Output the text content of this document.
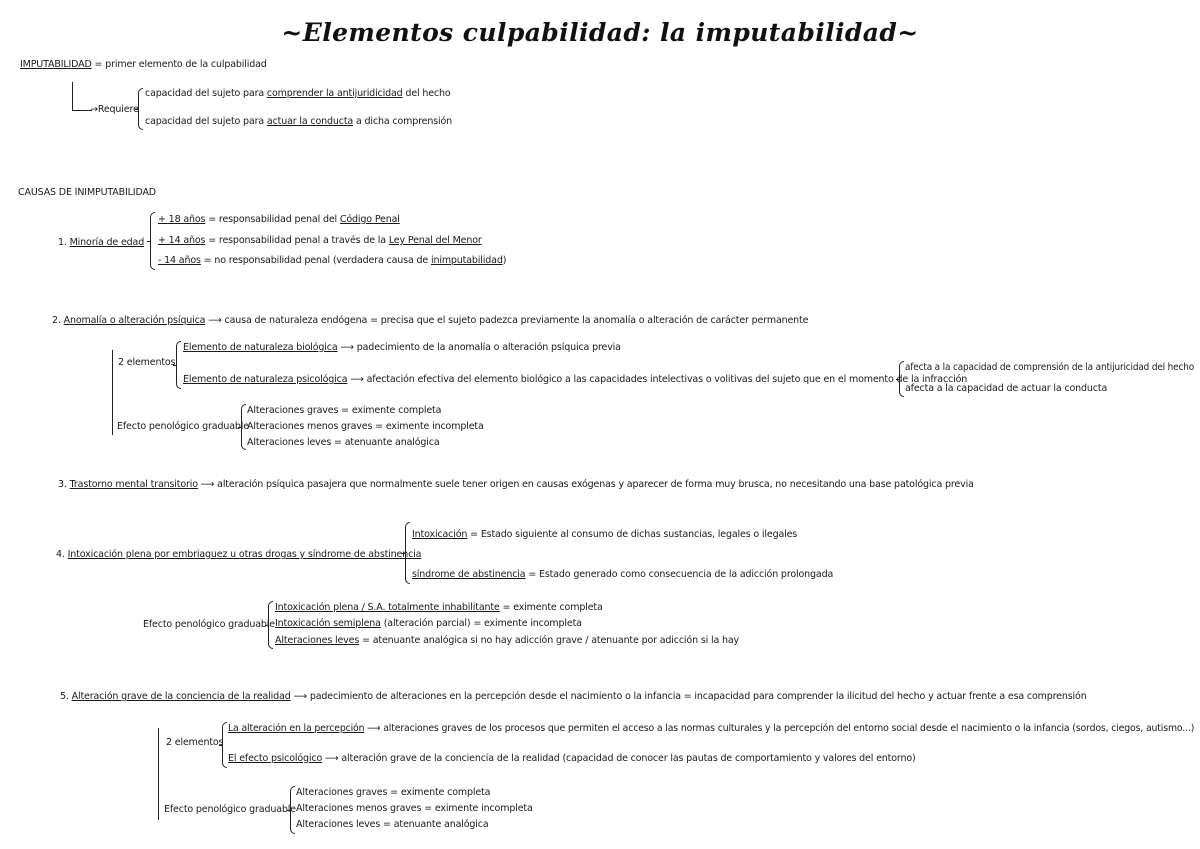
~Elementos culpabilidad: la imputabilidad~
IMPUTABILIDAD = primer elemento de la culpabilidad
→Requiere
capacidad del sujeto para comprender la antijuridicidad del hecho
capacidad del sujeto para actuar la conducta a dicha comprensión
CAUSAS DE INIMPUTABILIDAD
1. Minoría de edad
+ 18 años = responsabilidad penal del Código Penal
+ 14 años = responsabilidad penal a través de la Ley Penal del Menor
- 14 años = no responsabilidad penal (verdadera causa de inimputabilidad)
2. Anomalía o alteración psíquica ⟶ causa de naturaleza endógena = precisa que el sujeto padezca previamente la anomalía o alteración de carácter permanente
2 elementos
Elemento de naturaleza biológica ⟶ padecimiento de la anomalía o alteración psíquica previa
Elemento de naturaleza psicológica ⟶ afectación efectiva del elemento biológico a las capacidades intelectivas o volitivas del sujeto que en el momento de la infracción
afecta a la capacidad de comprensión de la antijuricidad del hecho
afecta a la capacidad de actuar la conducta
Efecto penológico graduable
Alteraciones graves = eximente completa
Alteraciones menos graves = eximente incompleta
Alteraciones leves = atenuante analógica
3. Trastorno mental transitorio ⟶ alteración psíquica pasajera que normalmente suele tener origen en causas exógenas y aparecer de forma muy brusca, no necesitando una base patológica previa
4. Intoxicación plena por embriaguez u otras drogas y síndrome de abstinencia
Intoxicación = Estado siguiente al consumo de dichas sustancias, legales o ilegales
síndrome de abstinencia = Estado generado como consecuencia de la adicción prolongada
Efecto penológico graduable
Intoxicación plena / S.A. totalmente inhabilitante = eximente completa
Intoxicación semiplena (alteración parcial) = eximente incompleta
Alteraciones leves = atenuante analógica si no hay adicción grave / atenuante por adicción si la hay
5. Alteración grave de la conciencia de la realidad ⟶ padecimiento de alteraciones en la percepción desde el nacimiento o la infancia = incapacidad para comprender la ilicitud del hecho y actuar frente a esa comprensión
2 elementos
La alteración en la percepción ⟶ alteraciones graves de los procesos que permiten el acceso a las normas culturales y la percepción del entorno social desde el nacimiento o la infancia (sordos, ciegos, autismo...)
El efecto psicológico ⟶ alteración grave de la conciencia de la realidad (capacidad de conocer las pautas de comportamiento y valores del entorno)
Efecto penológico graduable
Alteraciones graves = eximente completa
Alteraciones menos graves = eximente incompleta
Alteraciones leves = atenuante analógica
